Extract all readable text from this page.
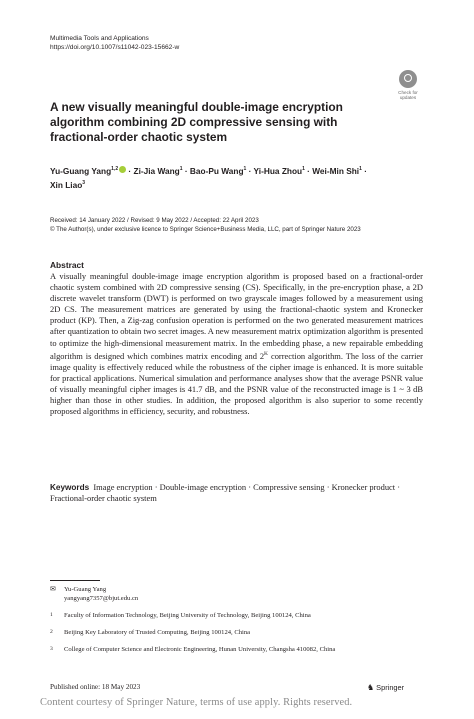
Multimedia Tools and Applications
https://doi.org/10.1007/s11042-023-15662-w
Check for updates
A new visually meaningful double-image encryption algorithm combining 2D compressive sensing with fractional-order chaotic system
Yu-Guang Yang$^{1,2}$ · Zi-Jia Wang$^1$ · Bao-Pu Wang$^1$ · Yi-Hua Zhou$^1$ · Wei-Min Shi$^1$ ·
Xin Liao$^3$
Received: 14 January 2022 / Revised: 9 May 2022 / Accepted: 22 April 2023
© The Author(s), under exclusive licence to Springer Science+Business Media, LLC, part of Springer Nature 2023
Abstract

A visually meaningful double-image image encryption algorithm is proposed based on a fractional-order chaotic system combined with 2D compressive sensing (CS). Specifically, in the pre-encryption phase, a 2D discrete wavelet transform (DWT) is performed on two grayscale images followed by a measurement using 2D CS. The measurement matrices are generated by using the fractional-chaotic system and Kronecker product (KP). Then, a Zig-zag confusion operation is performed on the two generated measurement matrices after quantization to obtain two secret images. A new measurement matrix optimization algorithm is presented to optimize the high-dimensional measurement matrix. In the embedding phase, a new repairable embedding algorithm is designed which combines matrix encoding and $2^K$ correction algorithm. The loss of the carrier image quality is effectively reduced while the robustness of the cipher image is enhanced. It is more suitable for practical applications. Numerical simulation and performance analyses show that the average PSNR value of visually meaningful cipher images is 41.7 dB, and the PSNR value of the reconstructed image is 1 ~ 3 dB higher than those in other studies. In addition, the proposed algorithm is also superior to some recently proposed algorithms in efficiency, security, and robustness.

Keywords Image encryption · Double-image encryption · Compressive sensing · Kronecker product · Fractional-order chaotic system
✉	Yu-Guang Yang
yangyang7357@bjut.edu.cn
1	Faculty of Information Technology, Beijing University of Technology, Beijing 100124, China
2	Beijing Key Laboratory of Trusted Computing, Beijing 100124, China
3	College of Computer Science and Electronic Engineering, Hunan University, Changsha 410082, China
Published online: 18 May 2023	♞ Springer
Content courtesy of Springer Nature, terms of use apply. Rights reserved.
